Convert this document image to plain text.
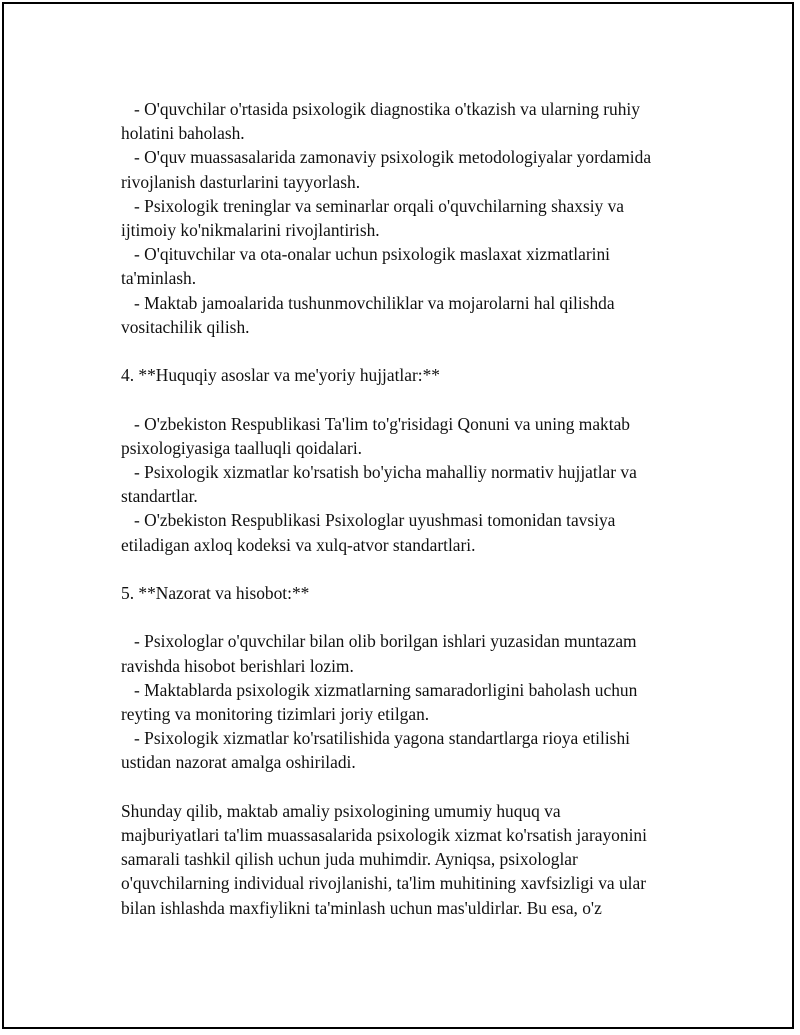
- O'quvchilar o'rtasida psixologik diagnostika o'tkazish va ularning ruhiy
holatini baholash.
- O'quv muassasalarida zamonaviy psixologik metodologiyalar yordamida
rivojlanish dasturlarini tayyorlash.
- Psixologik treninglar va seminarlar orqali o'quvchilarning shaxsiy va
ijtimoiy ko'nikmalarini rivojlantirish.
- O'qituvchilar va ota-onalar uchun psixologik maslaxat xizmatlarini
ta'minlash.
- Maktab jamoalarida tushunmovchiliklar va mojarolarni hal qilishda
vositachilik qilish.
4. **Huquqiy asoslar va me'yoriy hujjatlar:**
- O'zbekiston Respublikasi Ta'lim to'g'risidagi Qonuni va uning maktab
psixologiyasiga taalluqli qoidalari.
- Psixologik xizmatlar ko'rsatish bo'yicha mahalliy normativ hujjatlar va
standartlar.
- O'zbekiston Respublikasi Psixologlar uyushmasi tomonidan tavsiya
etiladigan axloq kodeksi va xulq-atvor standartlari.
5. **Nazorat va hisobot:**
- Psixologlar o'quvchilar bilan olib borilgan ishlari yuzasidan muntazam
ravishda hisobot berishlari lozim.
- Maktablarda psixologik xizmatlarning samaradorligini baholash uchun
reyting va monitoring tizimlari joriy etilgan.
- Psixologik xizmatlar ko'rsatilishida yagona standartlarga rioya etilishi
ustidan nazorat amalga oshiriladi.
Shunday qilib, maktab amaliy psixologining umumiy huquq va
majburiyatlari ta'lim muassasalarida psixologik xizmat ko'rsatish jarayonini
samarali tashkil qilish uchun juda muhimdir. Ayniqsa, psixologlar
o'quvchilarning individual rivojlanishi, ta'lim muhitining xavfsizligi va ular
bilan ishlashda maxfiylikni ta'minlash uchun mas'uldirlar. Bu esa, o'z
